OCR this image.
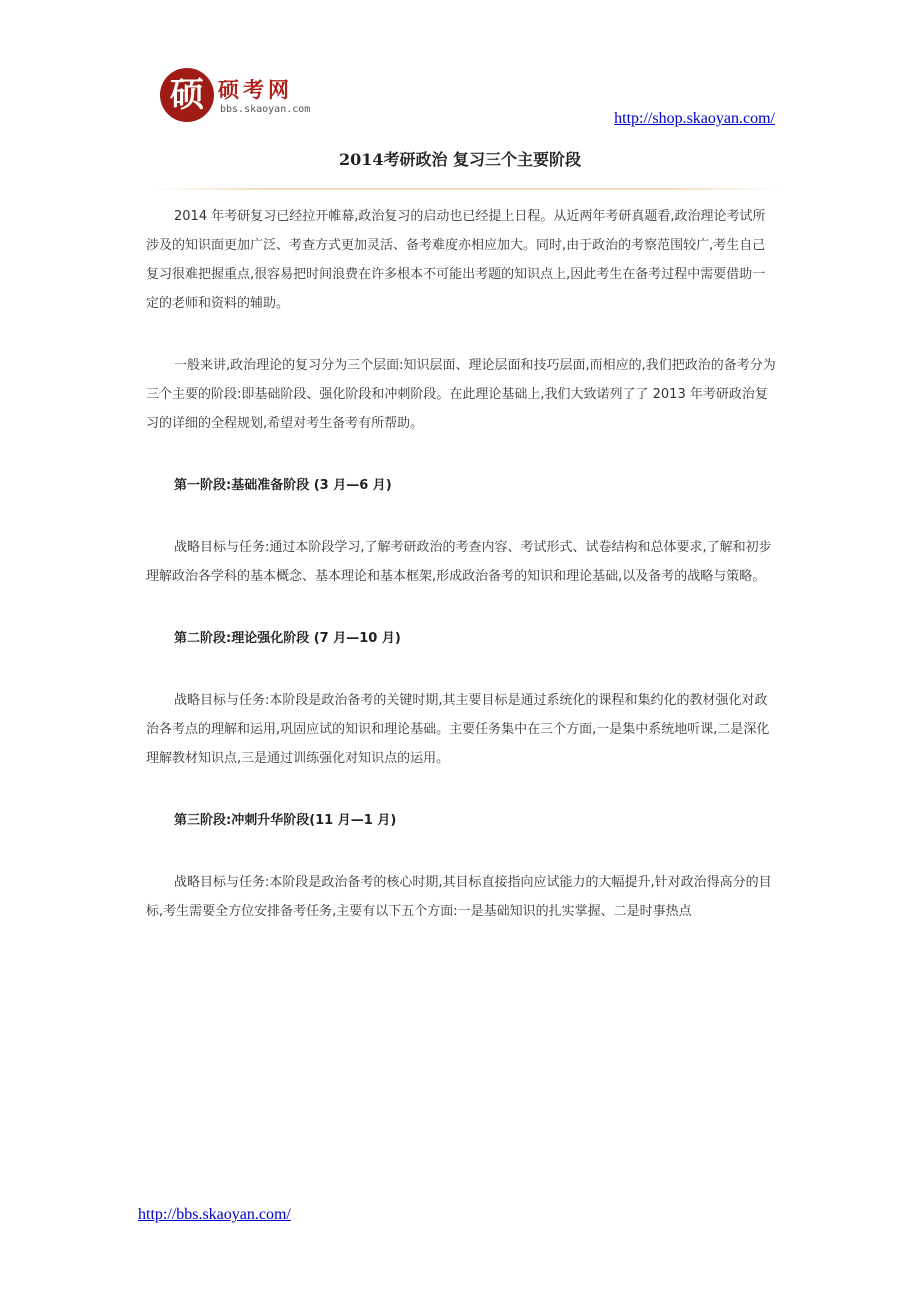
硕 硕考网
bbs.skaoyan.com
http://shop.skaoyan.com/
2014考研政治 复习三个主要阶段

2014 年考研复习已经拉开帷幕,政治复习的启动也已经提上日程。从近两年考研真题看,政治理论考试所涉及的知识面更加广泛、考查方式更加灵活、备考难度亦相应加大。同时,由于政治的考察范围较广,考生自己复习很难把握重点,很容易把时间浪费在许多根本不可能出考题的知识点上,因此考生在备考过程中需要借助一定的老师和资料的辅助。

一般来讲,政治理论的复习分为三个层面:知识层面、理论层面和技巧层面,而相应的,我们把政治的备考分为三个主要的阶段:即基础阶段、强化阶段和冲刺阶段。在此理论基础上,我们大致诺列了了 2013 年考研政治复习的详细的全程规划,希望对考生备考有所帮助。

第一阶段:基础准备阶段 (3 月—6 月)

战略目标与任务:通过本阶段学习,了解考研政治的考查内容、考试形式、试卷结构和总体要求,了解和初步理解政治各学科的基本概念、基本理论和基本框架,形成政治备考的知识和理论基础,以及备考的战略与策略。

第二阶段:理论强化阶段 (7 月—10 月)

战略目标与任务:本阶段是政治备考的关键时期,其主要目标是通过系统化的课程和集约化的教材强化对政治各考点的理解和运用,巩固应试的知识和理论基础。主要任务集中在三个方面,一是集中系统地听课,二是深化理解教材知识点,三是通过训练强化对知识点的运用。

第三阶段:冲刺升华阶段(11 月—1 月)

战略目标与任务:本阶段是政治备考的核心时期,其目标直接指向应试能力的大幅提升,针对政治得高分的目标,考生需要全方位安排备考任务,主要有以下五个方面:一是基础知识的扎实掌握、二是时事热点

http://bbs.skaoyan.com/
